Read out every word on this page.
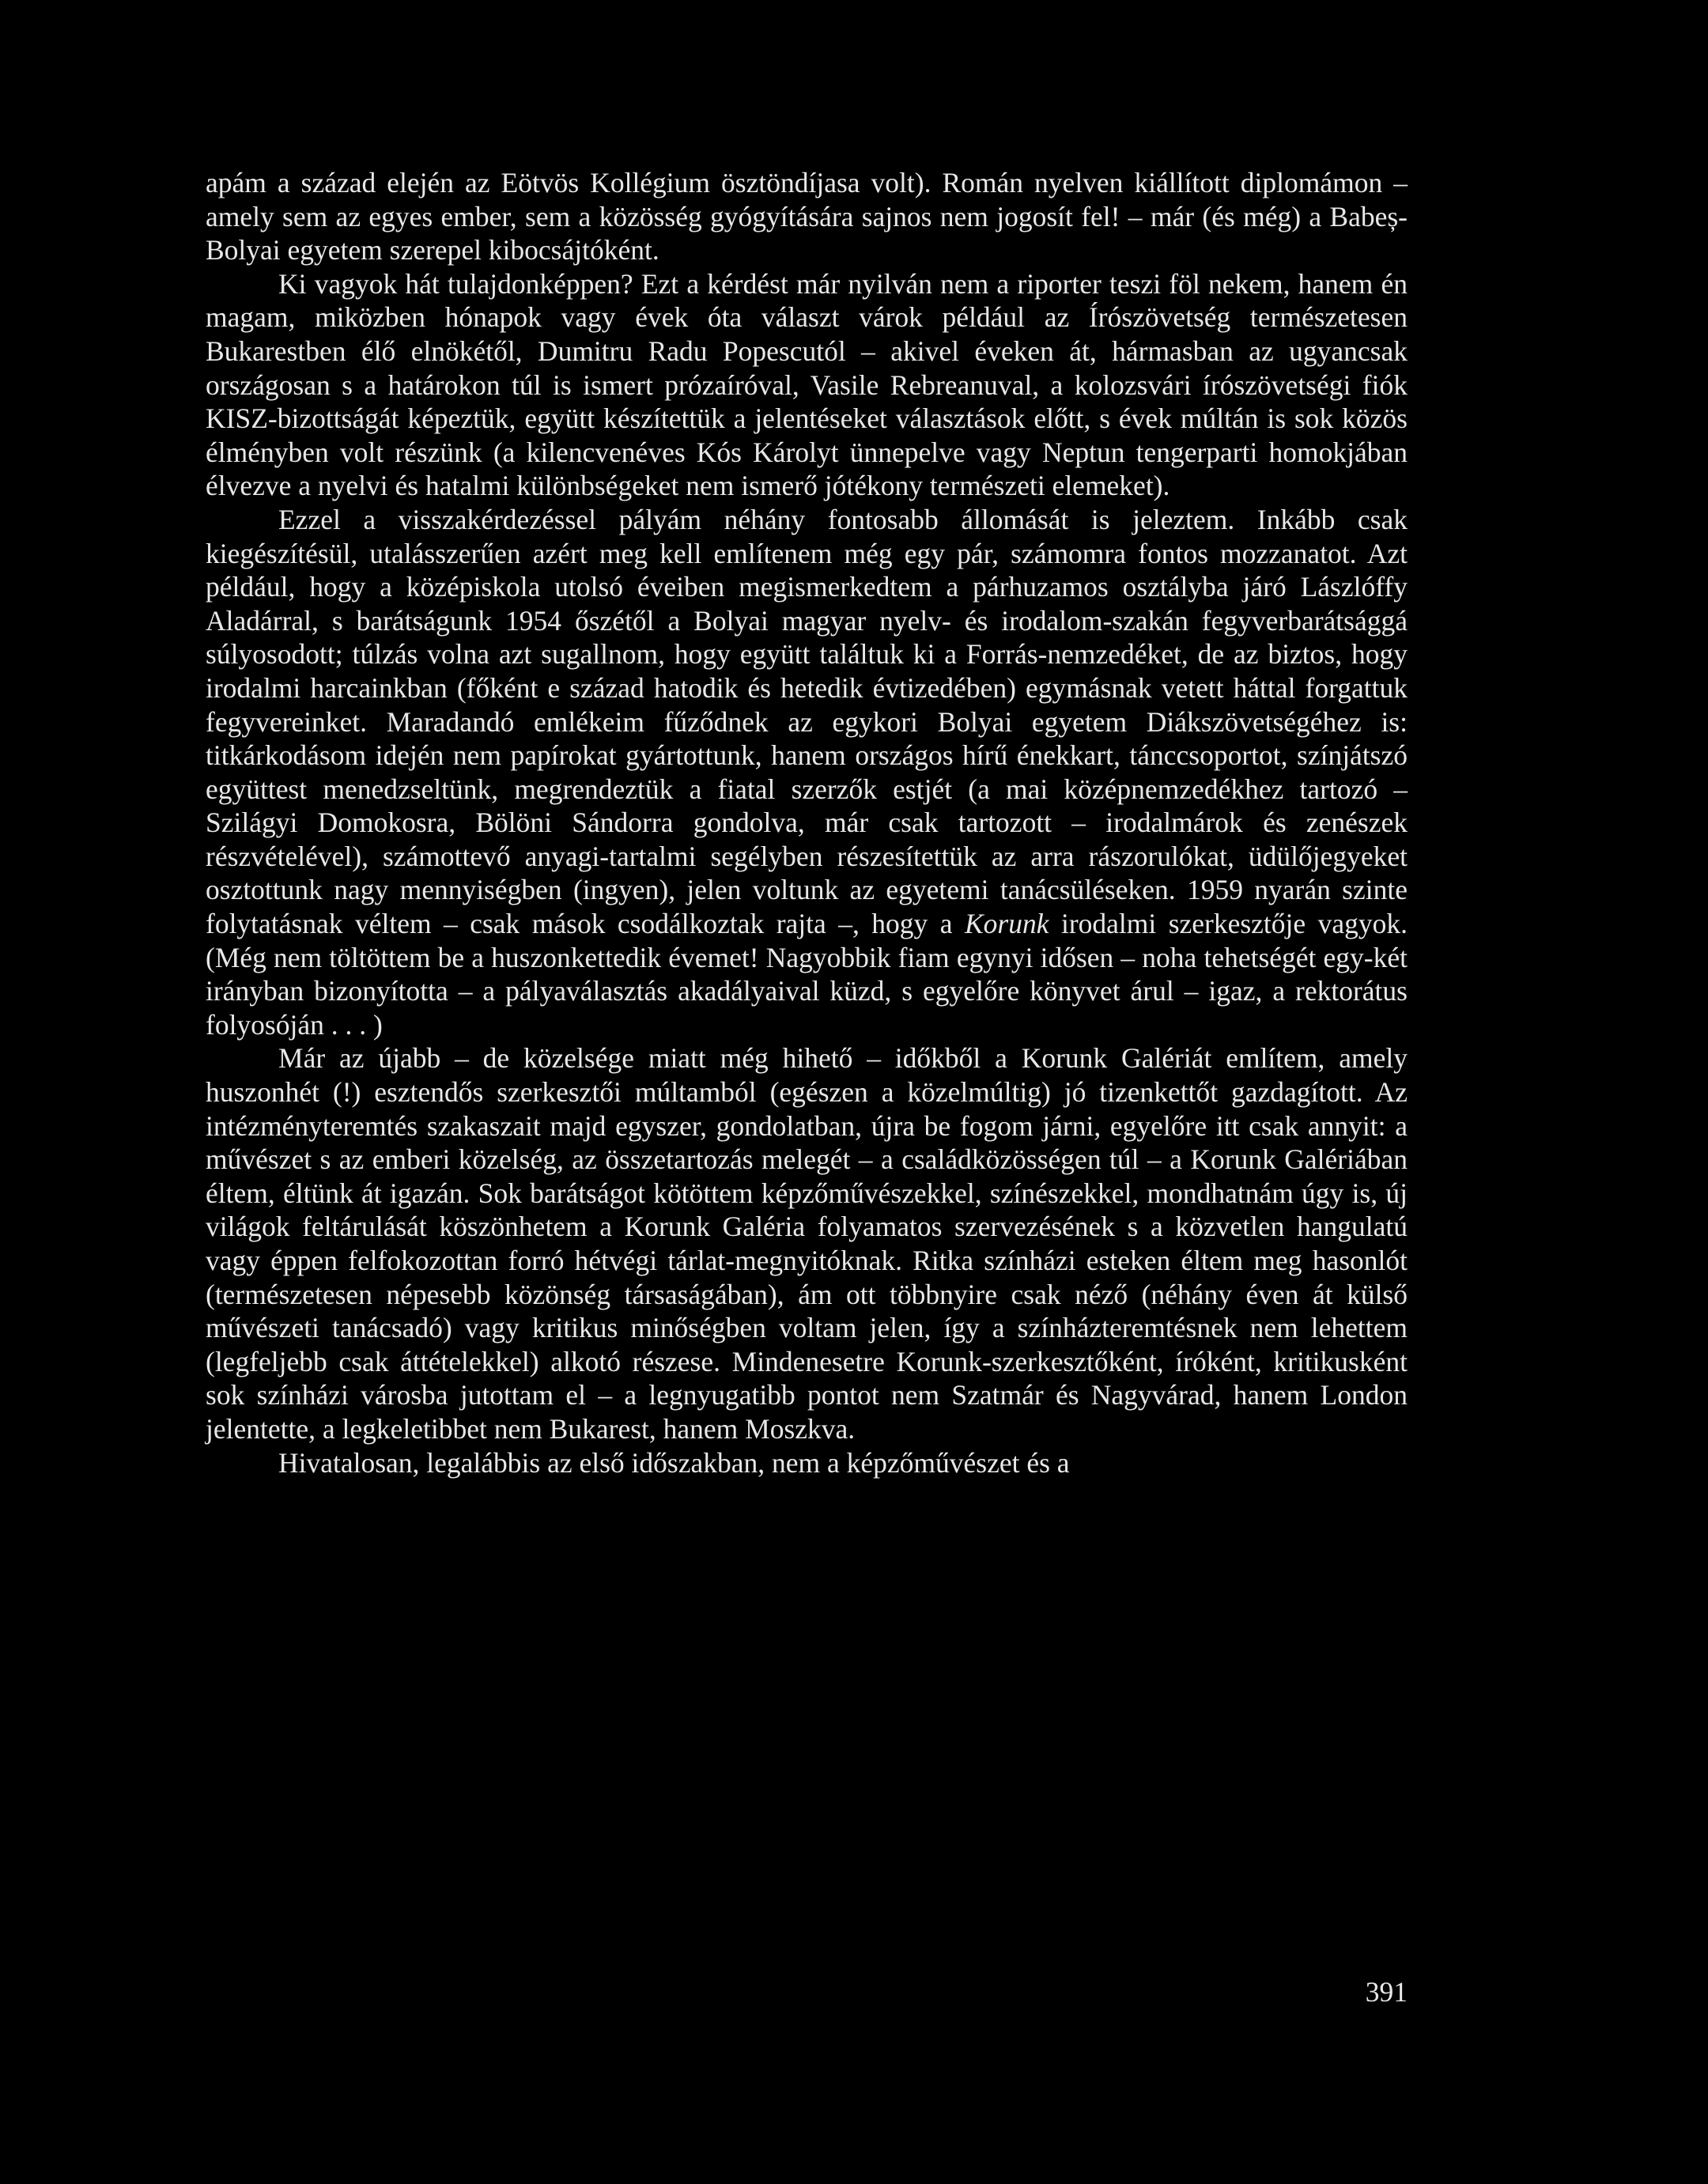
apám a század elején az Eötvös Kollégium ösztöndíjasa volt). Román nyelven kiállított diplomámon – amely sem az egyes ember, sem a közösség gyógyítására sajnos nem jogosít fel! – már (és még) a Babeș-Bolyai egyetem szerepel kibocsájtóként.

Ki vagyok hát tulajdonképpen? Ezt a kérdést már nyilván nem a riporter teszi föl nekem, hanem én magam, miközben hónapok vagy évek óta választ várok például az Írószövetség természetesen Bukarestben élő elnökétől, Dumitru Radu Popescutól – akivel éveken át, hármasban az ugyancsak országosan s a határokon túl is ismert prózaíróval, Vasile Rebreanuval, a kolozsvári írószövetségi fiók KISZ-bizottságát képeztük, együtt készítettük a jelentéseket választások előtt, s évek múltán is sok közös élményben volt részünk (a kilencvenéves Kós Károlyt ünnepelve vagy Neptun tengerparti homokjában élvezve a nyelvi és hatalmi különbségeket nem ismerő jótékony természeti elemeket).

Ezzel a visszakérdezéssel pályám néhány fontosabb állomását is jeleztem. Inkább csak kiegészítésül, utalásszerűen azért meg kell említenem még egy pár, számomra fontos mozzanatot. Azt például, hogy a középiskola utolsó éveiben megismerkedtem a párhuzamos osztályba járó Lászlóffy Aladárral, s barátságunk 1954 őszétől a Bolyai magyar nyelv- és irodalom-szakán fegyverbarátsággá súlyosodott; túlzás volna azt sugallnom, hogy együtt találtuk ki a Forrás-nemzedéket, de az biztos, hogy irodalmi harcainkban (főként e század hatodik és hetedik évtizedében) egymásnak vetett háttal forgattuk fegyvereinket. Maradandó emlékeim fűződnek az egykori Bolyai egyetem Diákszövetségéhez is: titkárkodásom idején nem papírokat gyártottunk, hanem országos hírű énekkart, tánccsoportot, színjátszó együttest menedzseltünk, megrendeztük a fiatal szerzők estjét (a mai középnemzedékhez tartozó – Szilágyi Domokosra, Bölöni Sándorra gondolva, már csak tartozott – irodalmárok és zenészek részvételével), számottevő anyagi-tartalmi segélyben részesítettük az arra rászorulókat, üdülőjegyeket osztottunk nagy mennyiségben (ingyen), jelen voltunk az egyetemi tanácsüléseken. 1959 nyarán szinte folytatásnak véltem – csak mások csodálkoztak rajta –, hogy a Korunk irodalmi szerkesztője vagyok. (Még nem töltöttem be a huszonkettedik évemet! Nagyobbik fiam egynyi idősen – noha tehetségét egy-két irányban bizonyította – a pályaválasztás akadályaival küzd, s egyelőre könyvet árul – igaz, a rektorátus folyosóján . . . )

Már az újabb – de közelsége miatt még hihető – időkből a Korunk Galériát említem, amely huszonhét (!) esztendős szerkesztői múltamból (egészen a közelmúltig) jó tizenkettőt gazdagított. Az intézményteremtés szakaszait majd egyszer, gondolatban, újra be fogom járni, egyelőre itt csak annyit: a művészet s az emberi közelség, az összetartozás melegét – a családközösségen túl – a Korunk Galériában éltem, éltünk át igazán. Sok barátságot kötöttem képzőművészekkel, színészekkel, mondhatnám úgy is, új világok feltárulását köszönhetem a Korunk Galéria folyamatos szervezésének s a közvetlen hangulatú vagy éppen felfokozottan forró hétvégi tárlat-megnyitóknak. Ritka színházi esteken éltem meg hasonlót (természetesen népesebb közönség társaságában), ám ott többnyire csak néző (néhány éven át külső művészeti tanácsadó) vagy kritikus minőségben voltam jelen, így a színházteremtésnek nem lehettem (legfeljebb csak áttételekkel) alkotó részese. Mindenesetre Korunk-szerkesztőként, íróként, kritikusként sok színházi városba jutottam el – a legnyugatibb pontot nem Szatmár és Nagyvárad, hanem London jelentette, a legkeletibbet nem Bukarest, hanem Moszkva.

Hivatalosan, legalábbis az első időszakban, nem a képzőművészet és a

391
